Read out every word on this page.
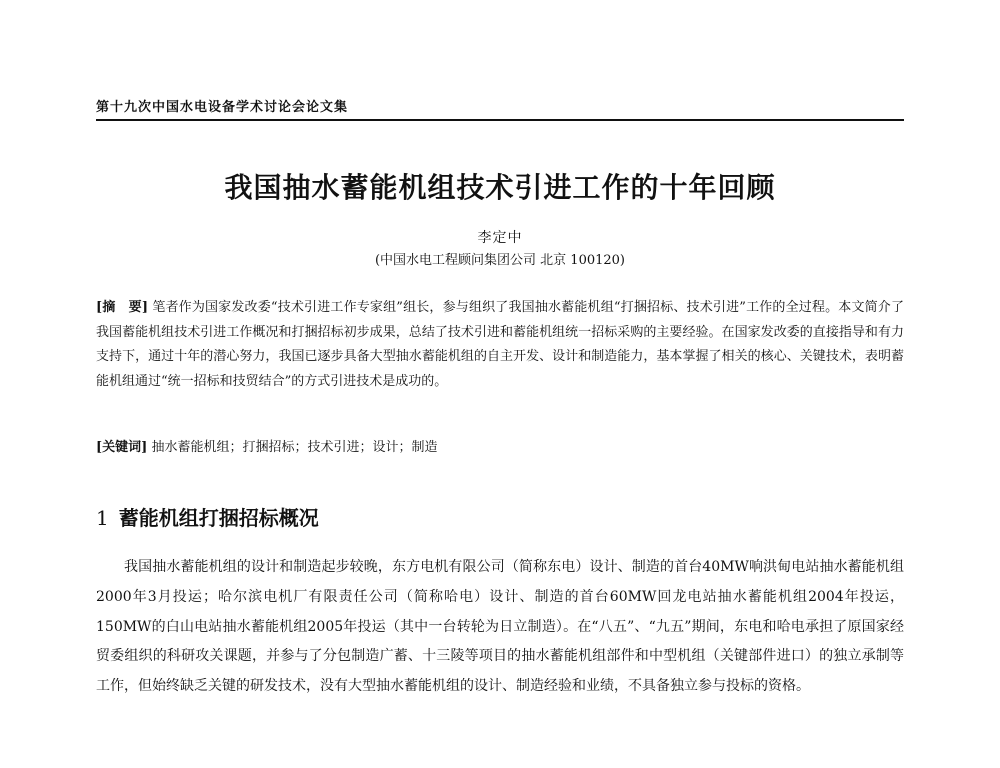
第十九次中国水电设备学术讨论会论文集
我国抽水蓄能机组技术引进工作的十年回顾
李定中
(中国水电工程顾问集团公司 北京 100120)
[摘　要] 笔者作为国家发改委“技术引进工作专家组”组长，参与组织了我国抽水蓄能机组“打捆招标、技术引进”工作的全过程。本文简介了我国蓄能机组技术引进工作概况和打捆招标初步成果，总结了技术引进和蓄能机组统一招标采购的主要经验。在国家发改委的直接指导和有力支持下，通过十年的潜心努力，我国已逐步具备大型抽水蓄能机组的自主开发、设计和制造能力，基本掌握了相关的核心、关键技术，表明蓄能机组通过“统一招标和技贸结合”的方式引进技术是成功的。
[关键词] 抽水蓄能机组；打捆招标；技术引进；设计；制造
1 蓄能机组打捆招标概况

我国抽水蓄能机组的设计和制造起步较晚，东方电机有限公司（简称东电）设计、制造的首台40MW响洪甸电站抽水蓄能机组2000年3月投运；哈尔滨电机厂有限责任公司（简称哈电）设计、制造的首台60MW回龙电站抽水蓄能机组2004年投运，150MW的白山电站抽水蓄能机组2005年投运（其中一台转轮为日立制造）。在“八五”、“九五”期间，东电和哈电承担了原国家经贸委组织的科研攻关课题，并参与了分包制造广蓄、十三陵等项目的抽水蓄能机组部件和中型机组（关键部件进口）的独立承制等工作，但始终缺乏关键的研发技术，没有大型抽水蓄能机组的设计、制造经验和业绩，不具备独立参与投标的资格。
